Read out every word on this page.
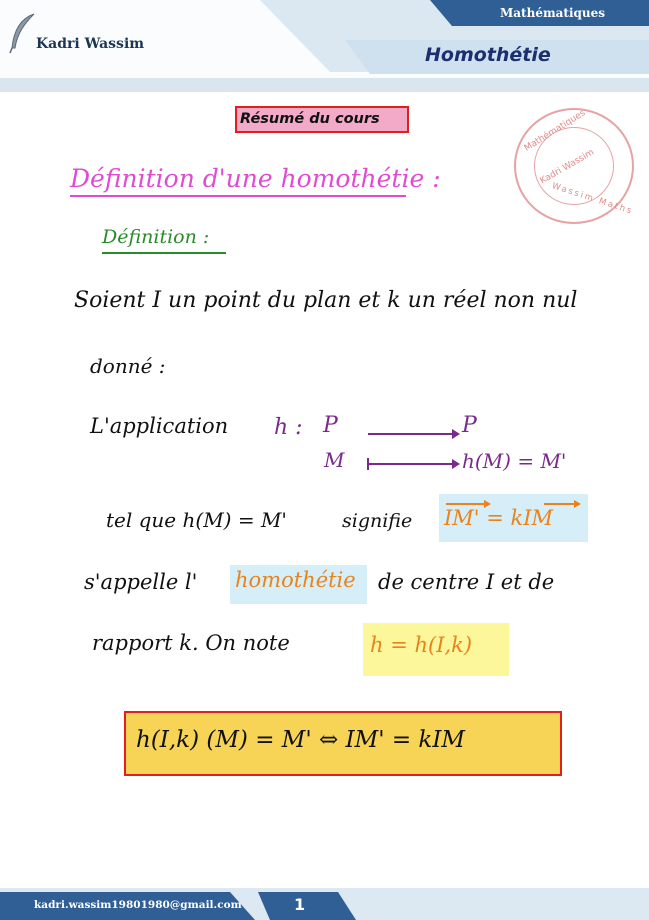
Kadri Wassim
Mathématiques
Homothétie
Mathématiques
Kadri Wassim
Wassim Maths
Résumé du cours
Définition d'une homothétie :
Définition :
Soient I un point du plan et k un réel non nul
donné :
L'application h : P	P
M	h(M) = M'
tel que h(M) = M'	signifie IM' = kIM
s'appelle l' homothétie de centre I et de
rapport k. On note	h = h(I,k)
h(I,k) (M) = M' ⇔ IM' = kIM
kadri.wassim19801980@gmail.com	1
